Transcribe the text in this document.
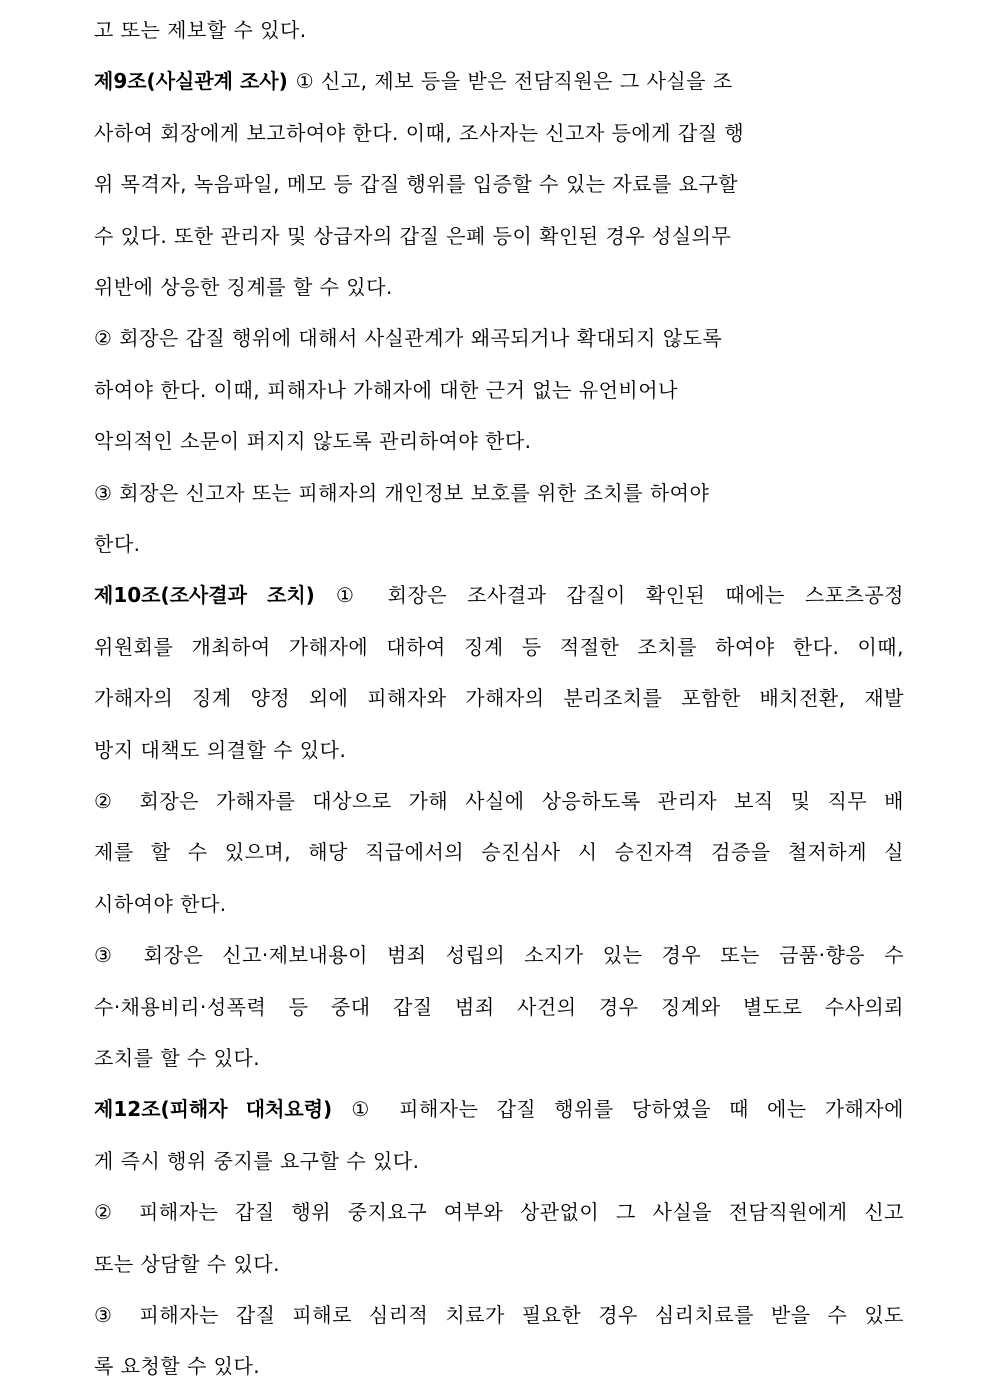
고 또는 제보할 수 있다.
제9조(사실관계 조사) ① 신고, 제보 등을 받은 전담직원은 그 사실을 조
사하여 회장에게 보고하여야 한다. 이때, 조사자는 신고자 등에게 갑질 행
위 목격자, 녹음파일, 메모 등 갑질 행위를 입증할 수 있는 자료를 요구할
수 있다. 또한 관리자 및 상급자의 갑질 은폐 등이 확인된 경우 성실의무
위반에 상응한 징계를 할 수 있다.
② 회장은 갑질 행위에 대해서 사실관계가 왜곡되거나 확대되지 않도록
하여야 한다. 이때, 피해자나 가해자에 대한 근거 없는 유언비어나
악의적인 소문이 퍼지지 않도록 관리하여야 한다.
③ 회장은 신고자 또는 피해자의 개인정보 보호를 위한 조치를 하여야
한다.
제10조(조사결과 조치) ① 회장은 조사결과 갑질이 확인된 때에는 스포츠공정
위원회를 개최하여 가해자에 대하여 징계 등 적절한 조치를 하여야 한다. 이때,
가해자의 징계 양정 외에 피해자와 가해자의 분리조치를 포함한 배치전환, 재발
방지 대책도 의결할 수 있다.
② 회장은 가해자를 대상으로 가해 사실에 상응하도록 관리자 보직 및 직무 배
제를 할 수 있으며, 해당 직급에서의 승진심사 시 승진자격 검증을 철저하게 실
시하여야 한다.
③ 회장은 신고·제보내용이 범죄 성립의 소지가 있는 경우 또는 금품·향응 수
수·채용비리·성폭력 등 중대 갑질 범죄 사건의 경우 징계와 별도로 수사의뢰
조치를 할 수 있다.
제12조(피해자 대처요령) ① 피해자는 갑질 행위를 당하였을 때 에는 가해자에
게 즉시 행위 중지를 요구할 수 있다.
② 피해자는 갑질 행위 중지요구 여부와 상관없이 그 사실을 전담직원에게 신고
또는 상담할 수 있다.
③ 피해자는 갑질 피해로 심리적 치료가 필요한 경우 심리치료를 받을 수 있도
록 요청할 수 있다.
